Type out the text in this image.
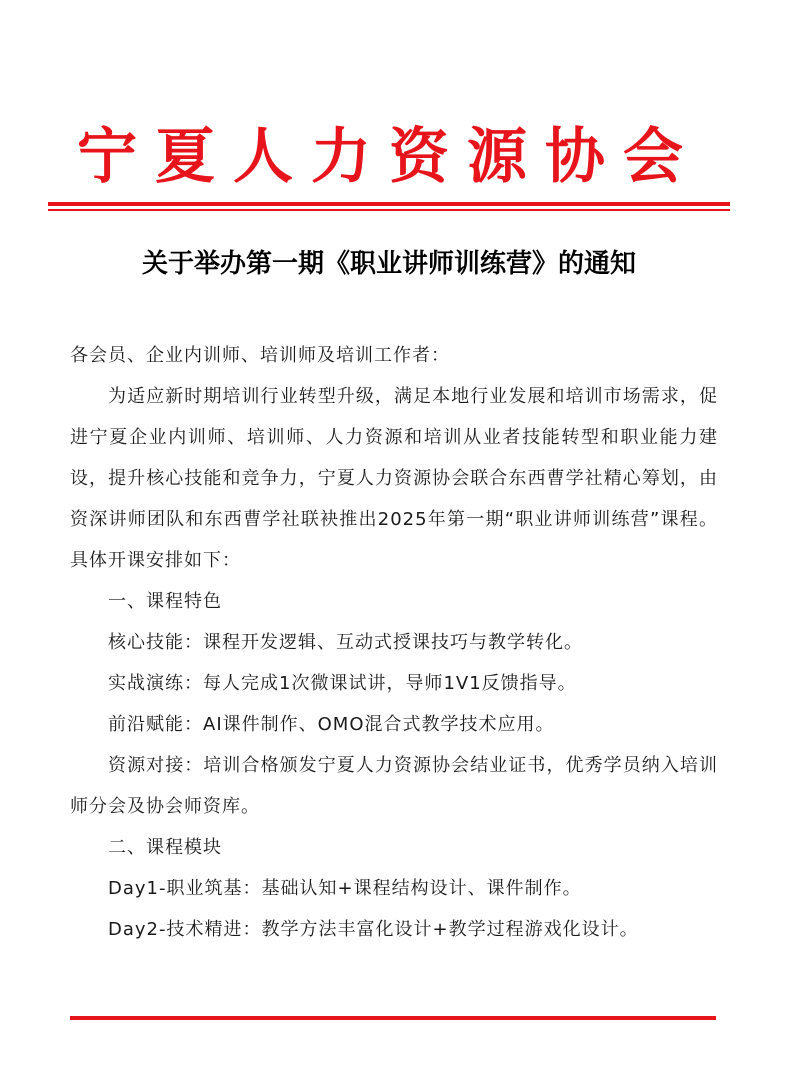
宁夏人力资源协会
关于举办第一期《职业讲师训练营》的通知

各会员、企业内训师、培训师及培训工作者：

为适应新时期培训行业转型升级，满足本地行业发展和培训市场需求，促进宁夏企业内训师、培训师、人力资源和培训从业者技能转型和职业能力建设，提升核心技能和竞争力，宁夏人力资源协会联合东西曹学社精心筹划，由资深讲师团队和东西曹学社联袂推出2025年第一期“职业讲师训练营”课程。具体开课安排如下：

一、课程特色

核心技能：课程开发逻辑、互动式授课技巧与教学转化。

实战演练：每人完成1次微课试讲，导师1V1反馈指导。

前沿赋能：AI课件制作、OMO混合式教学技术应用。

资源对接：培训合格颁发宁夏人力资源协会结业证书，优秀学员纳入培训师分会及协会师资库。

二、课程模块

Day1-职业筑基：基础认知+课程结构设计、课件制作。

Day2-技术精进：教学方法丰富化设计+教学过程游戏化设计。
